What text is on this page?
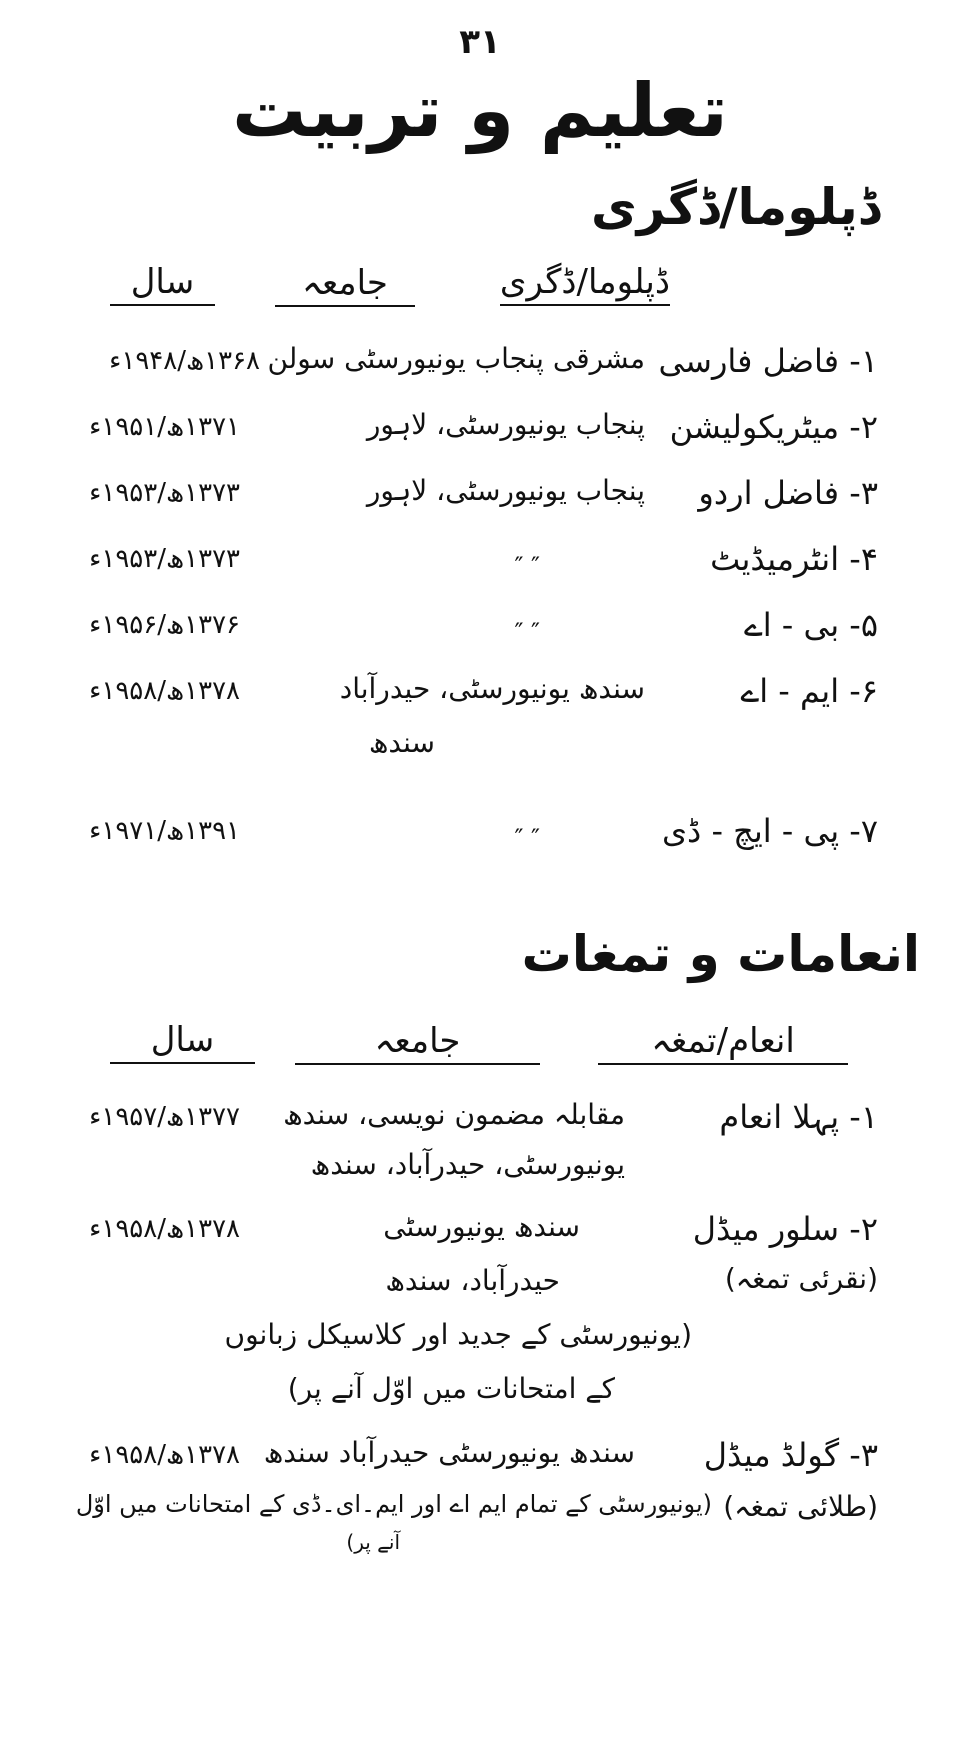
۳۱
تعلیم و تربیت
ڈپلوما/ڈگری
ڈپلوما/ڈگری
جامعہ
سال
۱- فاضل فارسی
مشرقی پنجاب یونیورسٹی سولن
۱۳۶۸ھ/۱۹۴۸ء
۲- میٹریکولیشن
پنجاب یونیورسٹی، لاہور
۱۳۷۱ھ/۱۹۵۱ء
۳- فاضل اردو
پنجاب یونیورسٹی، لاہور
۱۳۷۳ھ/۱۹۵۳ء
۴- انٹرمیڈیٹ
″ ″
۱۳۷۳ھ/۱۹۵۳ء
۵- بی - اے
″ ″
۱۳۷۶ھ/۱۹۵۶ء
۶- ایم - اے
سندھ یونیورسٹی، حیدرآباد
۱۳۷۸ھ/۱۹۵۸ء
سندھ
۷- پی - ایچ - ڈی
″ ″
۱۳۹۱ھ/۱۹۷۱ء
انعامات و تمغات
انعام/تمغہ
جامعہ
سال
۱- پہلا انعام
مقابلہ مضمون نویسی، سندھ
یونیورسٹی، حیدرآباد، سندھ
۱۳۷۷ھ/۱۹۵۷ء
۲- سلور میڈل
(نقرئی تمغہ)
سندھ یونیورسٹی
حیدرآباد، سندھ
۱۳۷۸ھ/۱۹۵۸ء
(یونیورسٹی کے جدید اور کلاسیکل زبانوں
کے امتحانات میں اوّل آنے پر)
۳- گولڈ میڈل
(طلائی تمغہ)
سندھ یونیورسٹی حیدرآباد سندھ
۱۳۷۸ھ/۱۹۵۸ء
(یونیورسٹی کے تمام ایم اے اور ایم۔ای۔ڈی کے امتحانات میں اوّل
آنے پر)
